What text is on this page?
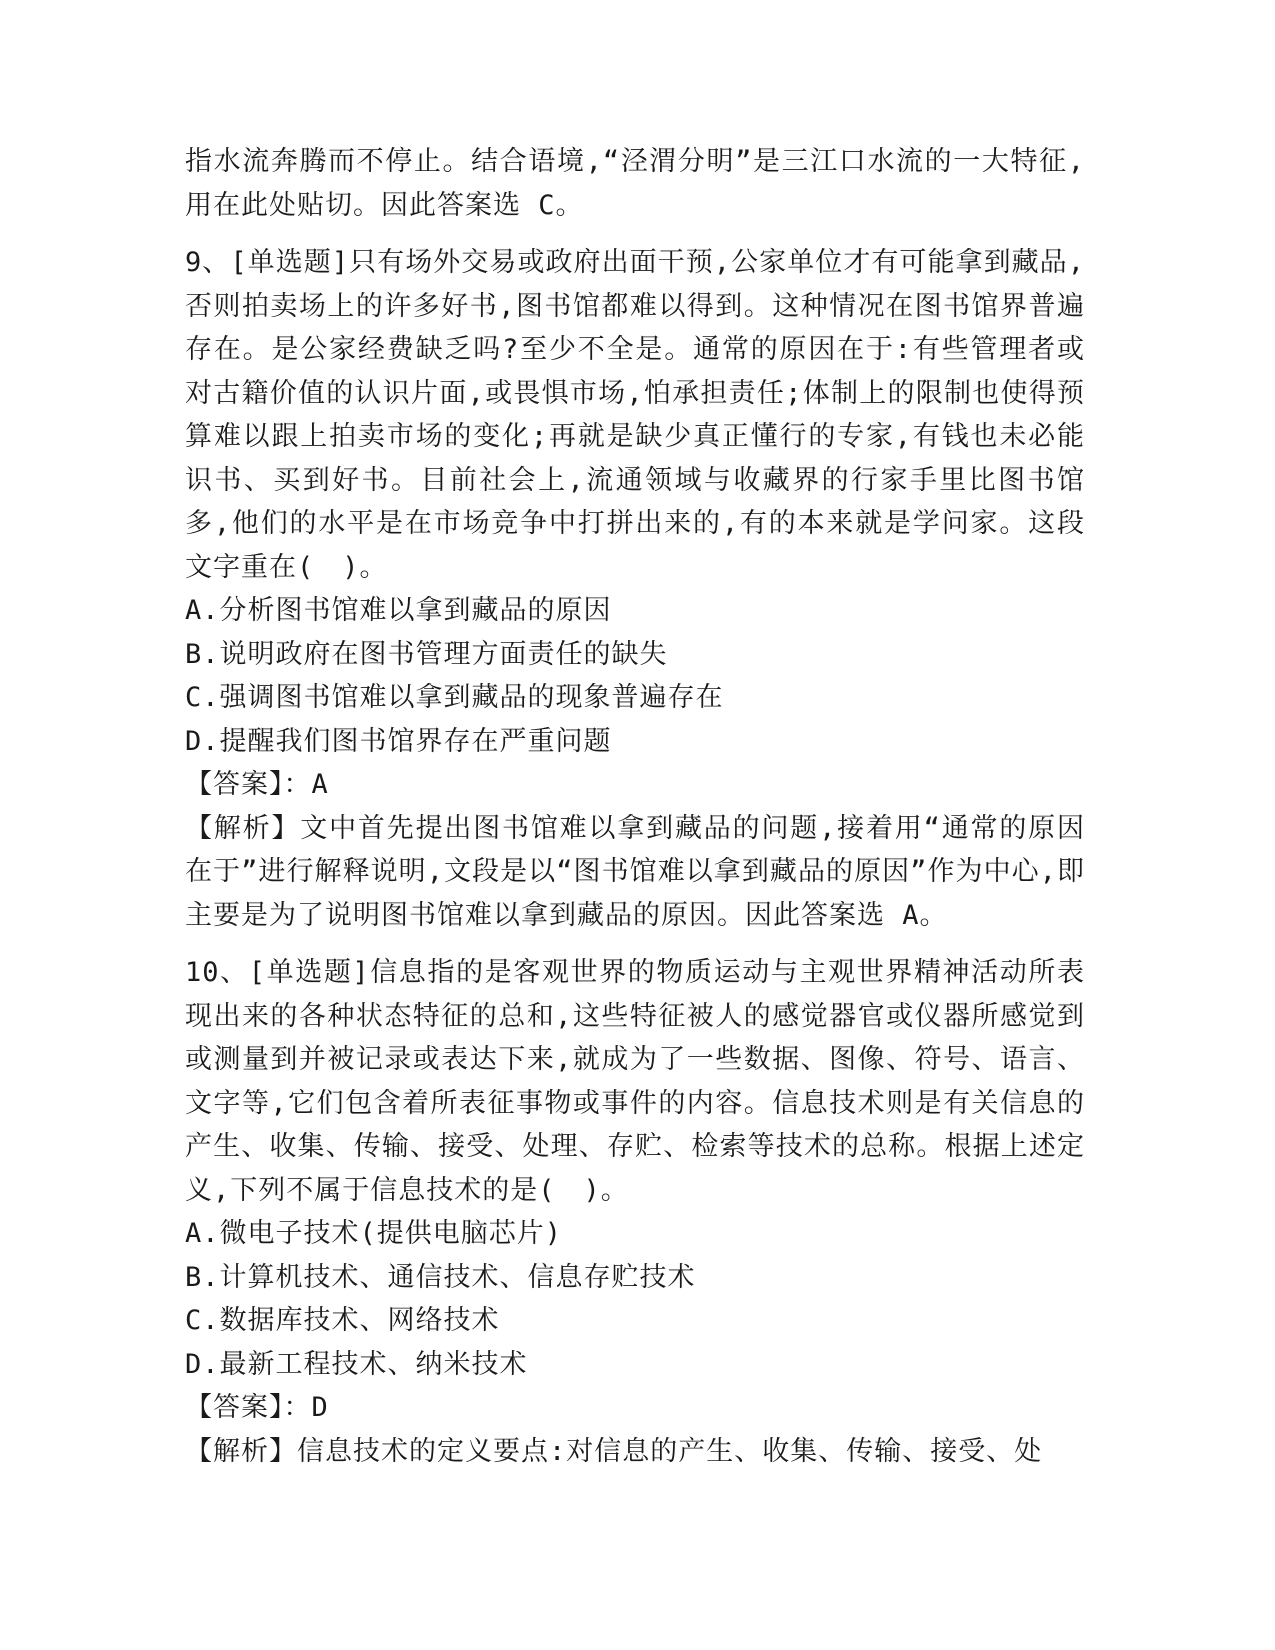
指水流奔腾而不停止。结合语境,“泾渭分明”是三江口水流的一大特征,用在此处贴切。因此答案选 C。

9、[单选题]只有场外交易或政府出面干预,公家单位才有可能拿到藏品,否则拍卖场上的许多好书,图书馆都难以得到。这种情况在图书馆界普遍存在。是公家经费缺乏吗?至少不全是。通常的原因在于:有些管理者或对古籍价值的认识片面,或畏惧市场,怕承担责任;体制上的限制也使得预算难以跟上拍卖市场的变化;再就是缺少真正懂行的专家,有钱也未必能识书、买到好书。目前社会上,流通领域与收藏界的行家手里比图书馆多,他们的水平是在市场竞争中打拼出来的,有的本来就是学问家。这段文字重在(　)。

A.分析图书馆难以拿到藏品的原因

B.说明政府在图书管理方面责任的缺失

C.强调图书馆难以拿到藏品的现象普遍存在

D.提醒我们图书馆界存在严重问题

【答案】：A

【解析】文中首先提出图书馆难以拿到藏品的问题,接着用“通常的原因在于”进行解释说明,文段是以“图书馆难以拿到藏品的原因”作为中心,即主要是为了说明图书馆难以拿到藏品的原因。因此答案选 A。

10、[单选题]信息指的是客观世界的物质运动与主观世界精神活动所表现出来的各种状态特征的总和,这些特征被人的感觉器官或仪器所感觉到或测量到并被记录或表达下来,就成为了一些数据、图像、符号、语言、文字等,它们包含着所表征事物或事件的内容。信息技术则是有关信息的产生、收集、传输、接受、处理、存贮、检索等技术的总称。根据上述定义,下列不属于信息技术的是(　)。

A.微电子技术(提供电脑芯片)

B.计算机技术、通信技术、信息存贮技术

C.数据库技术、网络技术

D.最新工程技术、纳米技术

【答案】：D

【解析】信息技术的定义要点:对信息的产生、收集、传输、接受、处
